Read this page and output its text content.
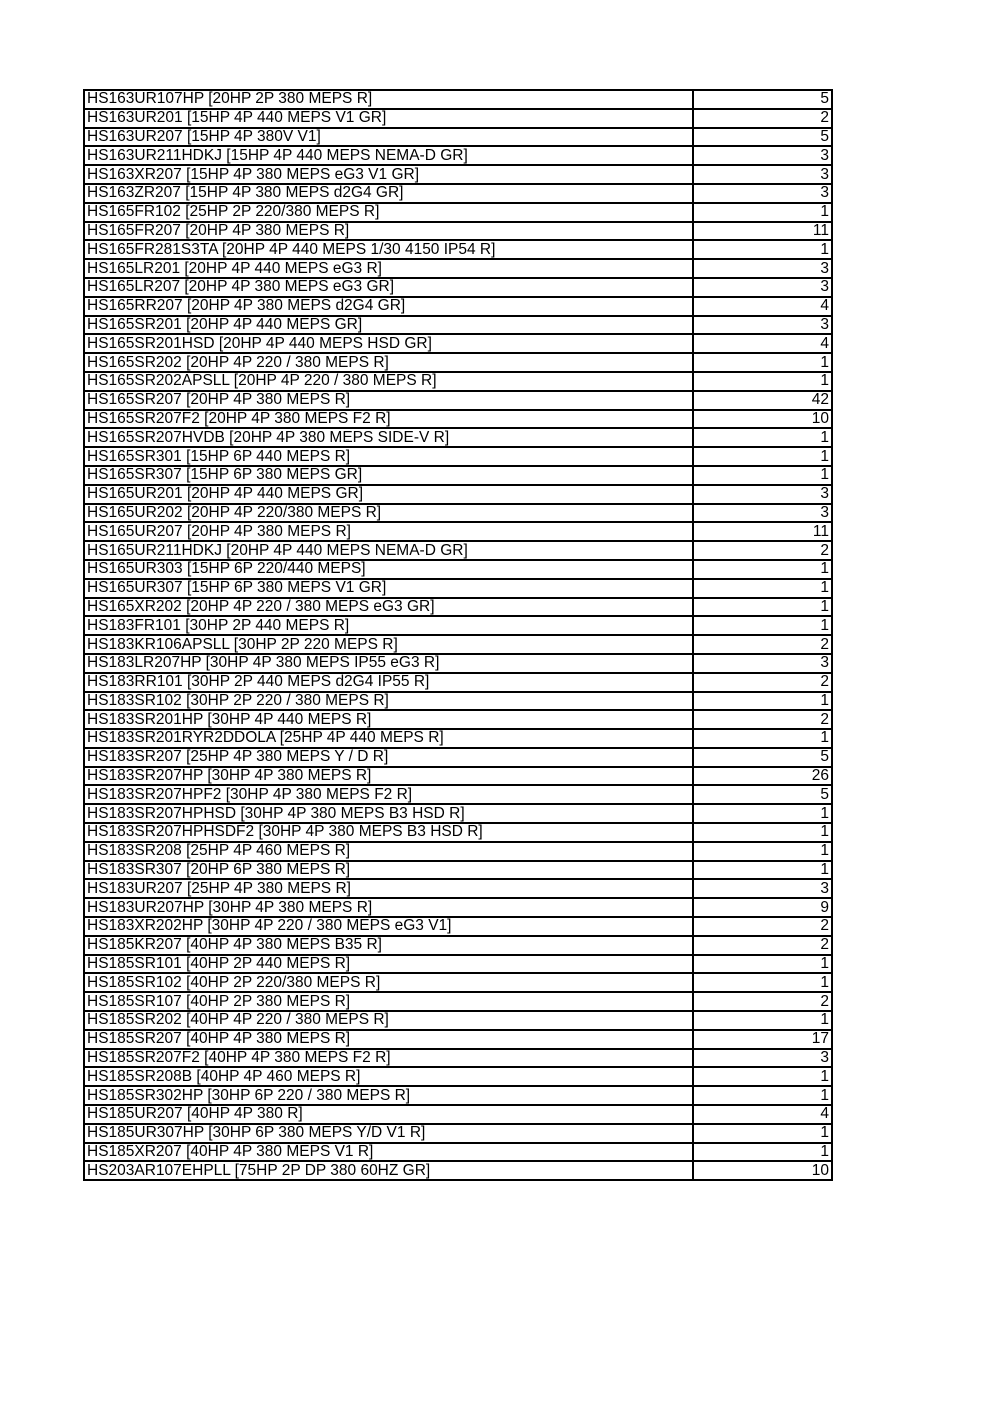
HS163UR107HP [20HP 2P 380 MEPS R]	5
HS163UR201 [15HP 4P 440 MEPS V1 GR]	2
HS163UR207 [15HP 4P 380V V1]	5
HS163UR211HDKJ [15HP 4P 440 MEPS NEMA-D GR]	3
HS163XR207 [15HP 4P 380 MEPS eG3 V1 GR]	3
HS163ZR207 [15HP 4P 380 MEPS d2G4 GR]	3
HS165FR102 [25HP 2P 220/380 MEPS R]	1
HS165FR207 [20HP 4P 380 MEPS R]	11
HS165FR281S3TA [20HP 4P 440 MEPS 1/30 4150 IP54 R]	1
HS165LR201 [20HP 4P 440 MEPS eG3 R]	3
HS165LR207 [20HP 4P 380 MEPS eG3 GR]	3
HS165RR207 [20HP 4P 380 MEPS d2G4 GR]	4
HS165SR201 [20HP 4P 440 MEPS GR]	3
HS165SR201HSD [20HP 4P 440 MEPS HSD GR]	4
HS165SR202 [20HP 4P 220 / 380 MEPS R]	1
HS165SR202APSLL [20HP 4P 220 / 380 MEPS R]	1
HS165SR207 [20HP 4P 380 MEPS R]	42
HS165SR207F2 [20HP 4P 380 MEPS F2 R]	10
HS165SR207HVDB [20HP 4P 380 MEPS SIDE-V R]	1
HS165SR301 [15HP 6P 440 MEPS R]	1
HS165SR307 [15HP 6P 380 MEPS GR]	1
HS165UR201 [20HP 4P 440 MEPS GR]	3
HS165UR202 [20HP 4P 220/380 MEPS R]	3
HS165UR207 [20HP 4P 380 MEPS R]	11
HS165UR211HDKJ [20HP 4P 440 MEPS NEMA-D GR]	2
HS165UR303 [15HP 6P 220/440 MEPS]	1
HS165UR307 [15HP 6P 380 MEPS V1 GR]	1
HS165XR202 [20HP 4P 220 / 380 MEPS eG3 GR]	1
HS183FR101 [30HP 2P 440 MEPS R]	1
HS183KR106APSLL [30HP 2P 220 MEPS R]	2
HS183LR207HP [30HP 4P 380 MEPS IP55 eG3 R]	3
HS183RR101 [30HP 2P 440 MEPS d2G4 IP55 R]	2
HS183SR102 [30HP 2P 220 / 380 MEPS R]	1
HS183SR201HP [30HP 4P 440 MEPS R]	2
HS183SR201RYR2DDOLA [25HP 4P 440 MEPS R]	1
HS183SR207 [25HP 4P 380 MEPS Y / D R]	5
HS183SR207HP [30HP 4P 380 MEPS R]	26
HS183SR207HPF2 [30HP 4P 380 MEPS F2 R]	5
HS183SR207HPHSD [30HP 4P 380 MEPS B3 HSD R]	1
HS183SR207HPHSDF2 [30HP 4P 380 MEPS B3 HSD R]	1
HS183SR208 [25HP 4P 460 MEPS R]	1
HS183SR307 [20HP 6P 380 MEPS R]	1
HS183UR207 [25HP 4P 380 MEPS R]	3
HS183UR207HP [30HP 4P 380 MEPS R]	9
HS183XR202HP [30HP 4P 220 / 380 MEPS eG3 V1]	2
HS185KR207 [40HP 4P 380 MEPS B35 R]	2
HS185SR101 [40HP 2P 440 MEPS R]	1
HS185SR102 [40HP 2P 220/380 MEPS R]	1
HS185SR107 [40HP 2P 380 MEPS R]	2
HS185SR202 [40HP 4P 220 / 380 MEPS R]	1
HS185SR207 [40HP 4P 380 MEPS R]	17
HS185SR207F2 [40HP 4P 380 MEPS F2 R]	3
HS185SR208B [40HP 4P 460 MEPS R]	1
HS185SR302HP [30HP 6P 220 / 380 MEPS R]	1
HS185UR207 [40HP 4P 380 R]	4
HS185UR307HP [30HP 6P 380 MEPS Y/D V1 R]	1
HS185XR207 [40HP 4P 380 MEPS V1 R]	1
HS203AR107EHPLL [75HP 2P DP 380 60HZ GR]	10
